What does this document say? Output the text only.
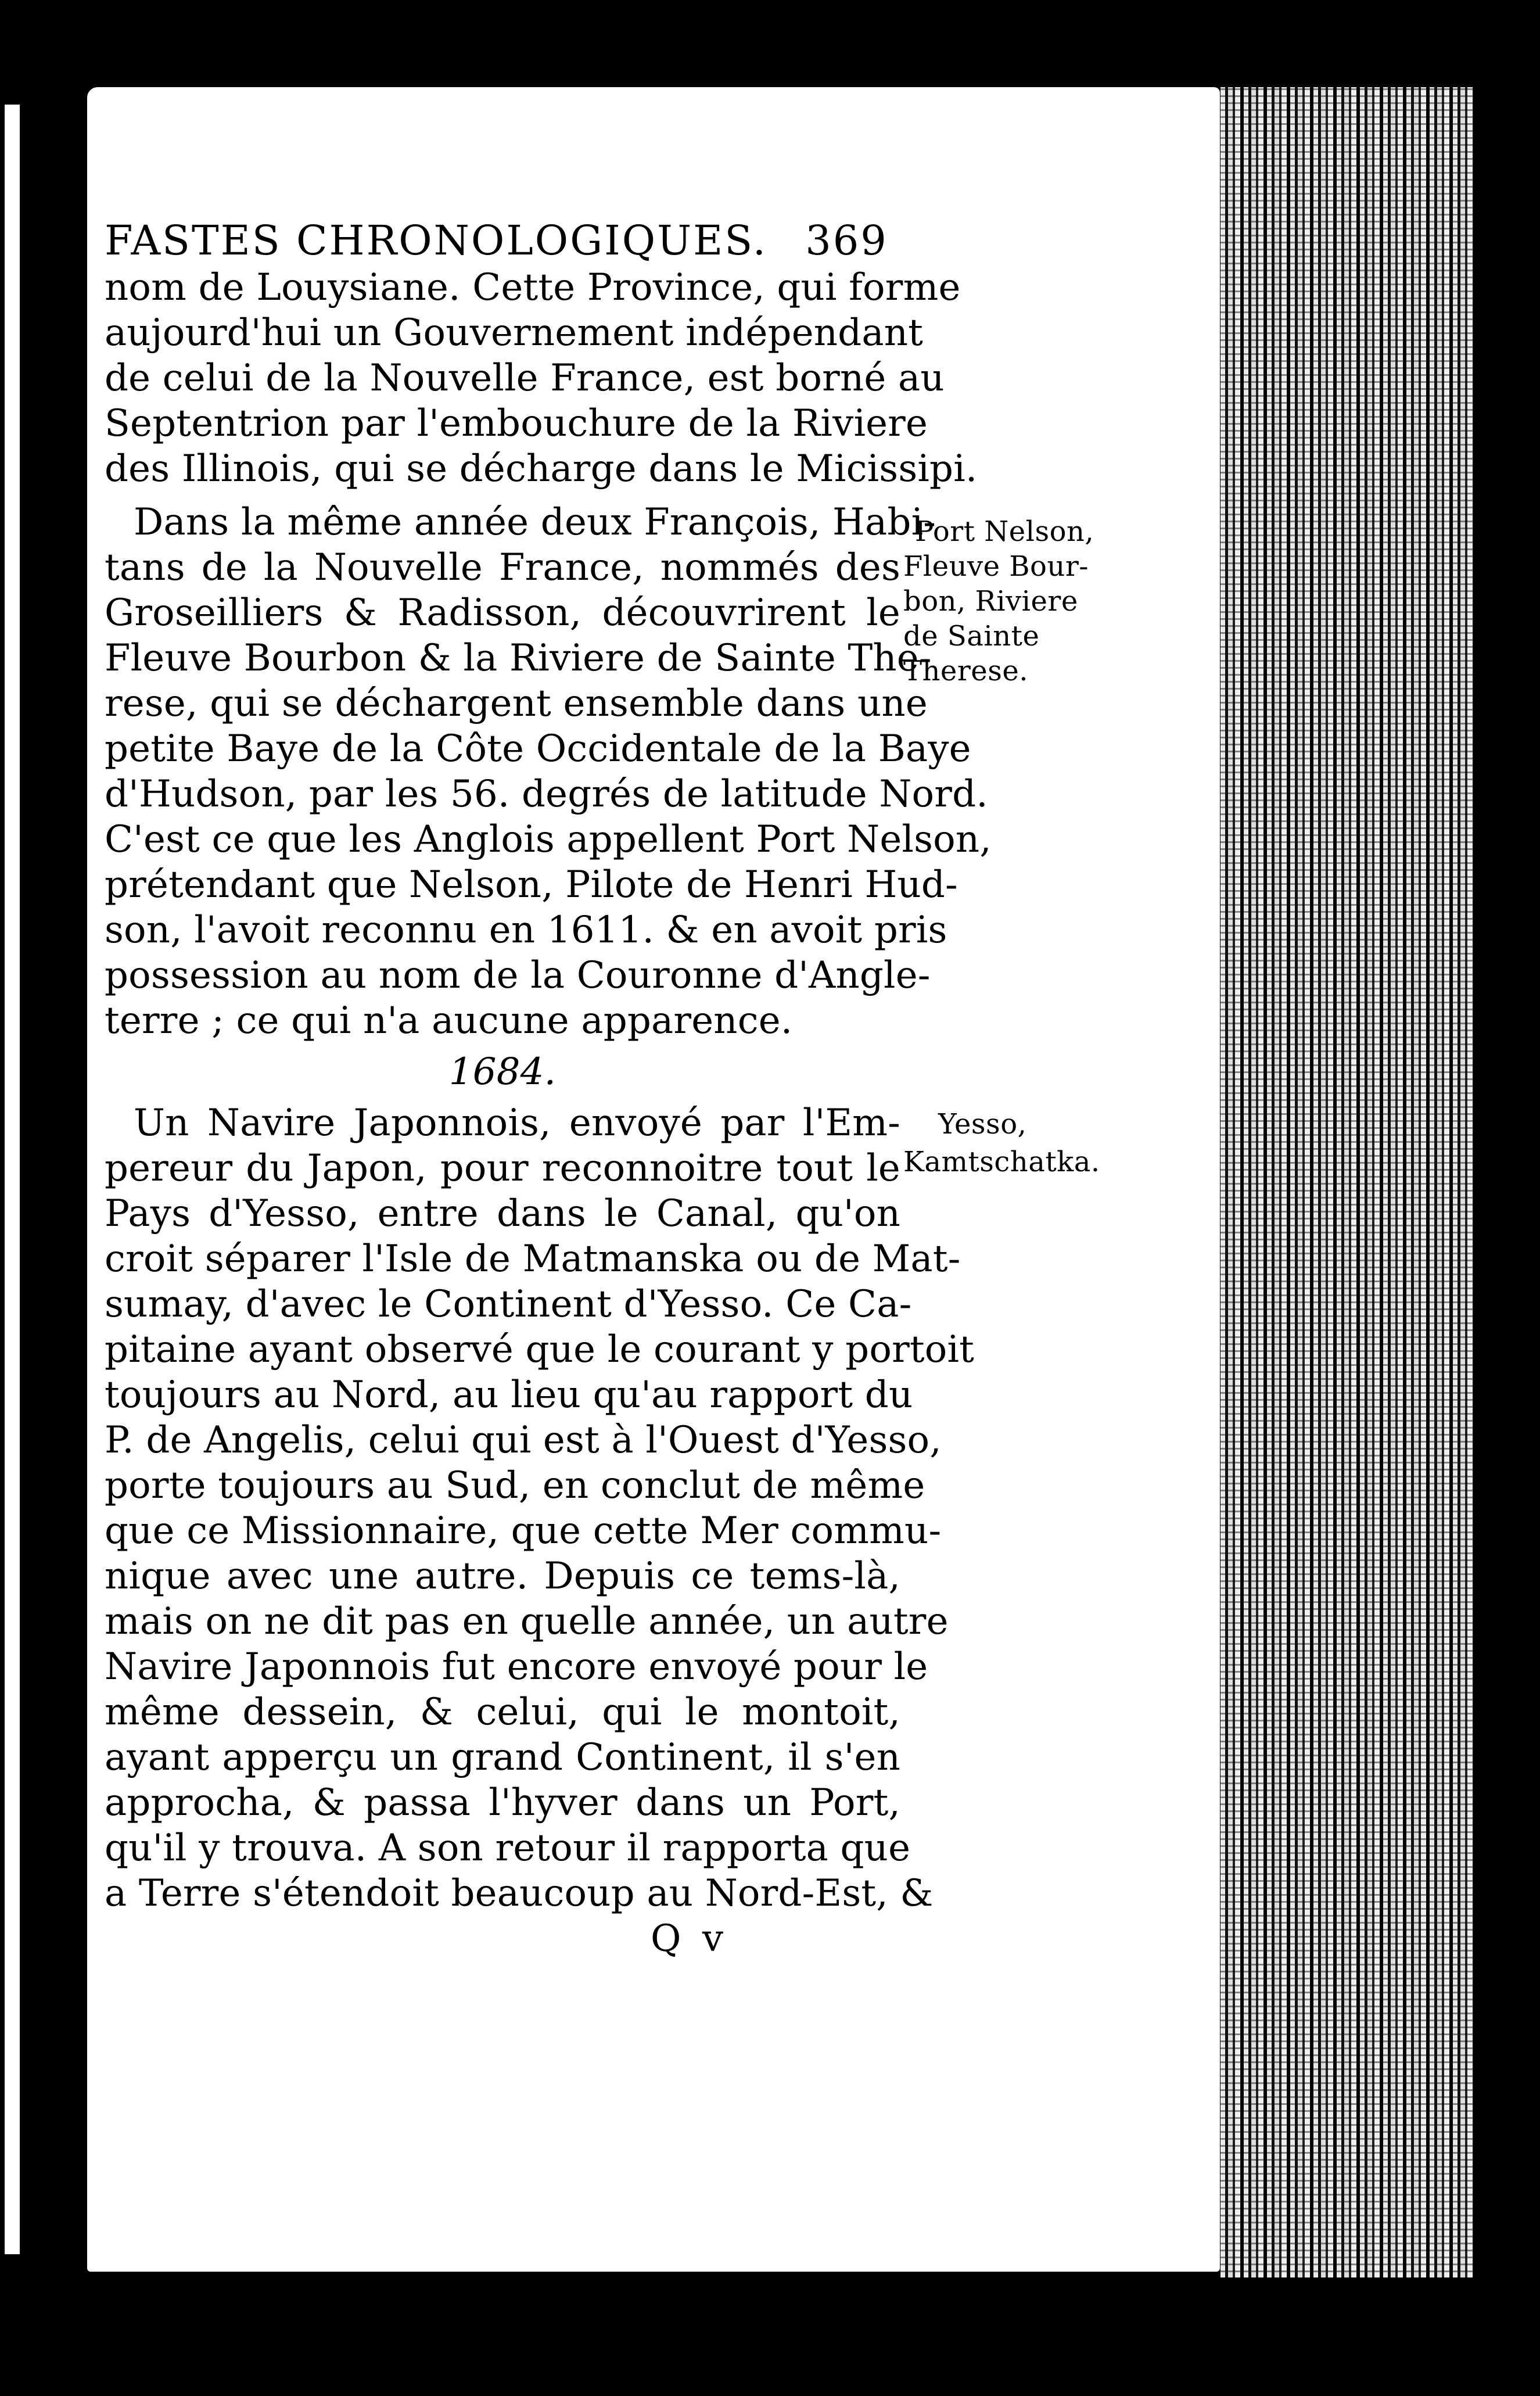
FASTES CHRONOLOGIQUES. 369
nom de Louysiane. Cette Province, qui forme
aujourd'hui un Gouvernement indépendant
de celui de la Nouvelle France, est borné au
Septentrion par l'embouchure de la Riviere
des Illinois, qui se décharge dans le Micissipi.
Dans la même année deux François, Habi-
tans de la Nouvelle France, nommés des
Groseilliers & Radisson, découvrirent le
Fleuve Bourbon & la Riviere de Sainte The-
rese, qui se déchargent ensemble dans une
petite Baye de la Côte Occidentale de la Baye
d'Hudson, par les 56. degrés de latitude Nord.
C'est ce que les Anglois appellent Port Nelson,
prétendant que Nelson, Pilote de Henri Hud-
son, l'avoit reconnu en 1611. & en avoit pris
possession au nom de la Couronne d'Angle-
terre ; ce qui n'a aucune apparence.
1684.
Un Navire Japonnois, envoyé par l'Em-
pereur du Japon, pour reconnoitre tout le
Pays d'Yesso, entre dans le Canal, qu'on
croit séparer l'Isle de Matmanska ou de Mat-
sumay, d'avec le Continent d'Yesso. Ce Ca-
pitaine ayant observé que le courant y portoit
toujours au Nord, au lieu qu'au rapport du
P. de Angelis, celui qui est à l'Ouest d'Yesso,
porte toujours au Sud, en conclut de même
que ce Missionnaire, que cette Mer commu-
nique avec une autre. Depuis ce tems-là,
mais on ne dit pas en quelle année, un autre
Navire Japonnois fut encore envoyé pour le
même dessein, & celui, qui le montoit,
ayant apperçu un grand Continent, il s'en
approcha, & passa l'hyver dans un Port,
qu'il y trouva. A son retour il rapporta que
a Terre s'étendoit beaucoup au Nord-Est, &
Port Nelson,
Fleuve Bour-
bon, Riviere
de Sainte
Therese.
Yesso,
Kamtschatka.
Q v
